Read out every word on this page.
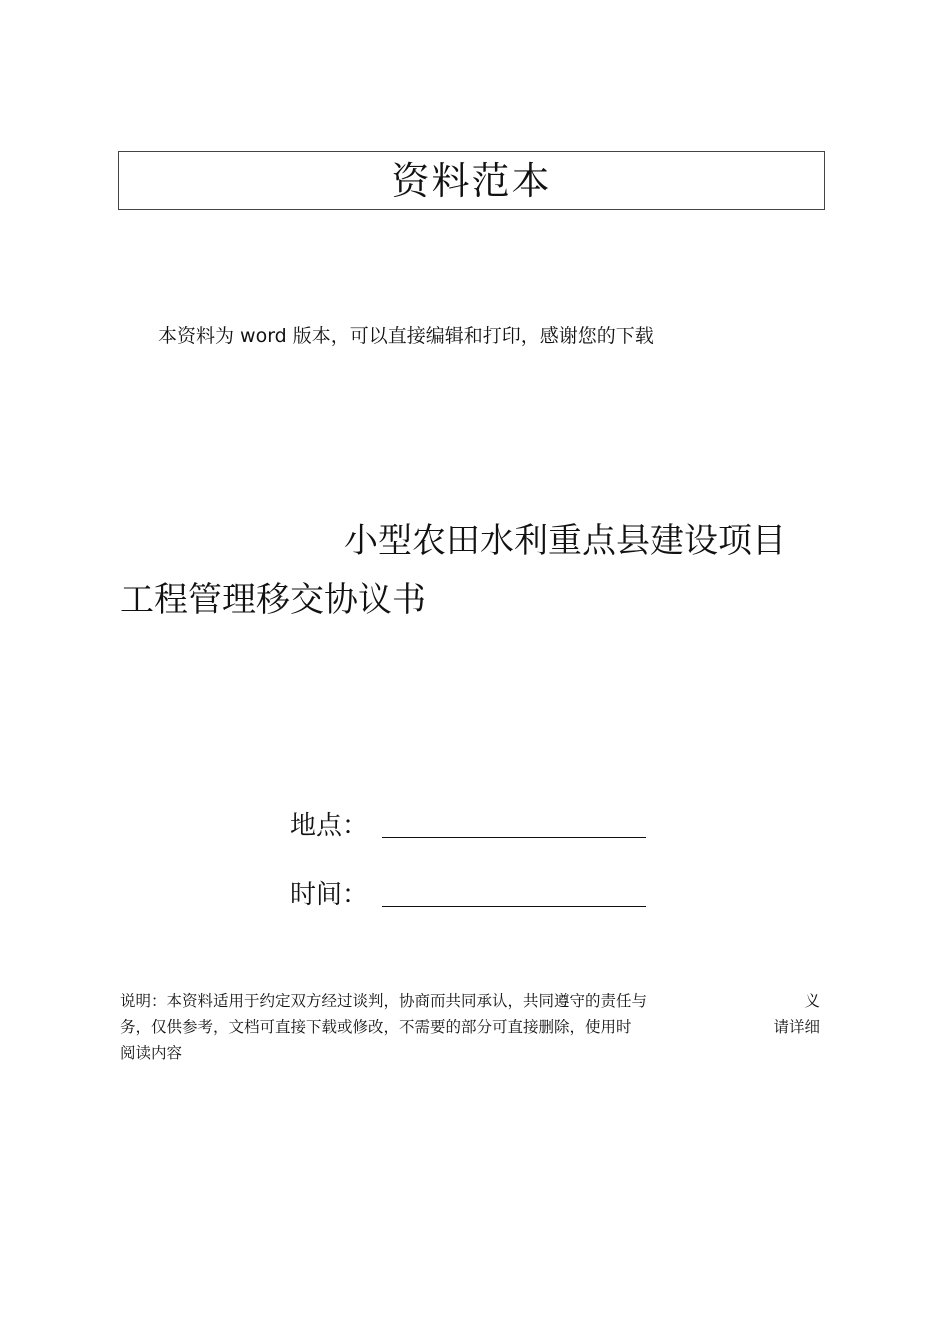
资料范本
本资料为 word 版本，可以直接编辑和打印，感谢您的下载
小型农田水利重点县建设项目
工程管理移交协议书
地点：
时间：
说明：本资料适用于约定双方经过谈判，协商而共同承认，共同遵守的责任与	义
务，仅供参考，文档可直接下载或修改，不需要的部分可直接删除，使用时	请详细
阅读内容
